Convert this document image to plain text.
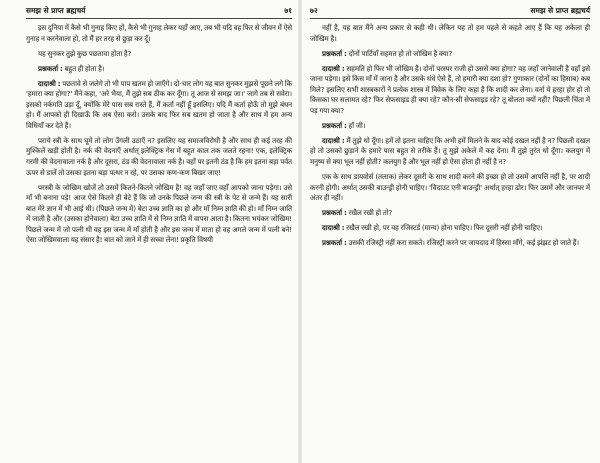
समझ से प्राप्त ब्रह्मचर्य	७१

इस दुनिया में कैसे भी गुनाह किए हों, कैसे भी गुनाह लेकर यहाँ आए, तब भी यदि वह फिर से जीवन में ऐसे गुनाह न करनेवाला हो, तो मैं हर तरह से छुड़ा कर दूँ।

यह सुनकर तुझे कुछ पछतावा होता है?

प्रश्नकर्ता : बहुत ही होता है।

दादाश्री : पछतावे से जलेगे तो भी पाप खतम हो जाएँगे। दो-चार लोग यह बात सुनकर मुझसे पूछने लगे कि 'हमारा क्या होगा?' मैंने कहा, 'अरे भैया, मैं तुझे सब ठीक कर दूँगा। तू आज से समझ जा।' जागे तब से सवेरा। इसको नर्कगति उड़ा दूँ, क्योंकि मेरे पास सब रास्ते हैं, मैं कर्ता नहीं हूँ इसलिए। यदि मैं कर्ता होऊँ तो मुझे बंधन हो। मैं आपको ही दिखाऊँ कि अब ऐसा करो। उसके बाद फिर सब खतम हो जाता है और साथ में हम अन्य विधियाँ कर देते हैं।

पराये स्त्री के साथ घूमे तो लोग उँगली उठाएँ न? इसलिए यह समाजविरोधी है और साथ ही कई तरह की मुश्किलें खड़ी होती है। नर्क की वेदनाएँ अर्थात् इलेक्ट्रिक गेस में बहुत काल तक जलते रहना! एक, इलेक्ट्रिक गरमी की वेदनावाला नर्क है और दूसरा, ठंड की वेदनावाला नर्क है। वहाँ पर इतनी ठंड है कि हम इतना बड़ा पर्वत ऊपर से डालें तो उसका इतना बड़ा पत्थर न रहे, पर उसका कण-कण बिखर जाए!

परस्त्री के जोखिम खोजें तो उसमें कितने-कितने जोखिम है! वह जहाँ जाए वहाँ आपको जाना पड़ेगा। उसे माँ भी बनाना पड़े! आज ऐसे कितने ही बेटे हैं कि जो उनके पिछले जन्म की स्त्री के पेट से जन्मे हैं। यह सारी बात मेरे ज्ञान में भी आई थी। (पिछले जन्म में) बेटा उच्च ज्ञाति का हो और माँ निम्न ज्ञाति की हो। माँ निम्न जाति में जाती है और (उसका होनेवाला) बेटा उच्च ज्ञाति में से निम्न ज्ञाति में वापस आता है। कितना भयंकर जोखिम! पिछले जन्म में जो पत्नी थी वह इस जन्म में माँ होती है और इस जन्म में माता हो वह अगले जन्म में पत्नी बने! ऐसा जोखिमवाला यह संसार है! बात को जाने में ही सच्चा लेना! प्रकृति विषयी

७२	समझ से प्राप्त ब्रह्मचर्य

नहीं है, यह बात मैंने अन्य प्रकार से कही थी। लेकिन यह तो हम पहले से कहते आए हैं कि यह अकेला ही जोखिम है।

प्रश्नकर्ता : दोनों पार्टियाँ सहमत हो तो जोखिम है क्या?

दादाश्री : सहमति हो फिर भी जोखिम है। दोनों परस्पर राजी हो उससे क्या होगा? वह जहाँ जानेवाली है वहाँ इसे जाना पड़ेगा। इसे किस माँ में जाना है और उसके धंधे ऐसे हैं, तो हमारी क्या दशा हो? गुणाकार (दोनों का हिसाब) कब मिले? इसलिए सभी शास्त्रकारों ने प्रत्येक शास्त्र में विवेक के लिए कहा है कि शादी कर लेना। वर्ना ये हरहा होर हो तो किसका घर सलामत रहे? फिर सेफसाइड ही क्या रहे? कौन-सी सेफसाइड रहे? तू बोलता क्यों नहीं? पिछली चिंता में पड़ गया क्या?

प्रश्नकर्ता : हाँ जी।

दादाश्री : मैं तुझे धो दूँगा। हमें तो इतना चाहिए कि अभी हमें मिलने के बाद कोई दखल नहीं है न? पिछली दखल हो तो उसको छुड़ाने के हमारे पास बहुत से तरीके हैं। तू मुझे अकेले में कह देना। मैं तुझे तुरंत धो दूँगा। कलयुग में मनुष्य से क्या भूल नहीं होती? कलयुग है और भूल नहीं हो ऐसा होता ही नहीं है न?

एक के साथ डायवोर्स (तलाक) लेकर दूसरी के साथ शादी करने की इच्छा हो तो उसमें आपत्ति नहीं है, पर शादी करनी होगी। अर्थात् उसकी बाउन्ड्री होनी चाहिए। 'विदाउट एनी बाउन्ड्री' अर्थात् हरहा ढोर। फिर उसमें और जानवर में अंतर ही नहीं।

प्रश्नकर्ता : रखैल रखी हो तो?

दादाश्री : रखैल रखी हो, पर वह रजिस्टर्ड (मान्य) होना चाहिए। फिर दूसरी नहीं होनी चाहिए।

प्रश्नकर्ता : उसकी रजिस्ट्री नहीं करा सकते। रजिस्ट्री करने पर जायदाद में हिस्सा माँगे, कई झंझट हो जाते हैं।
